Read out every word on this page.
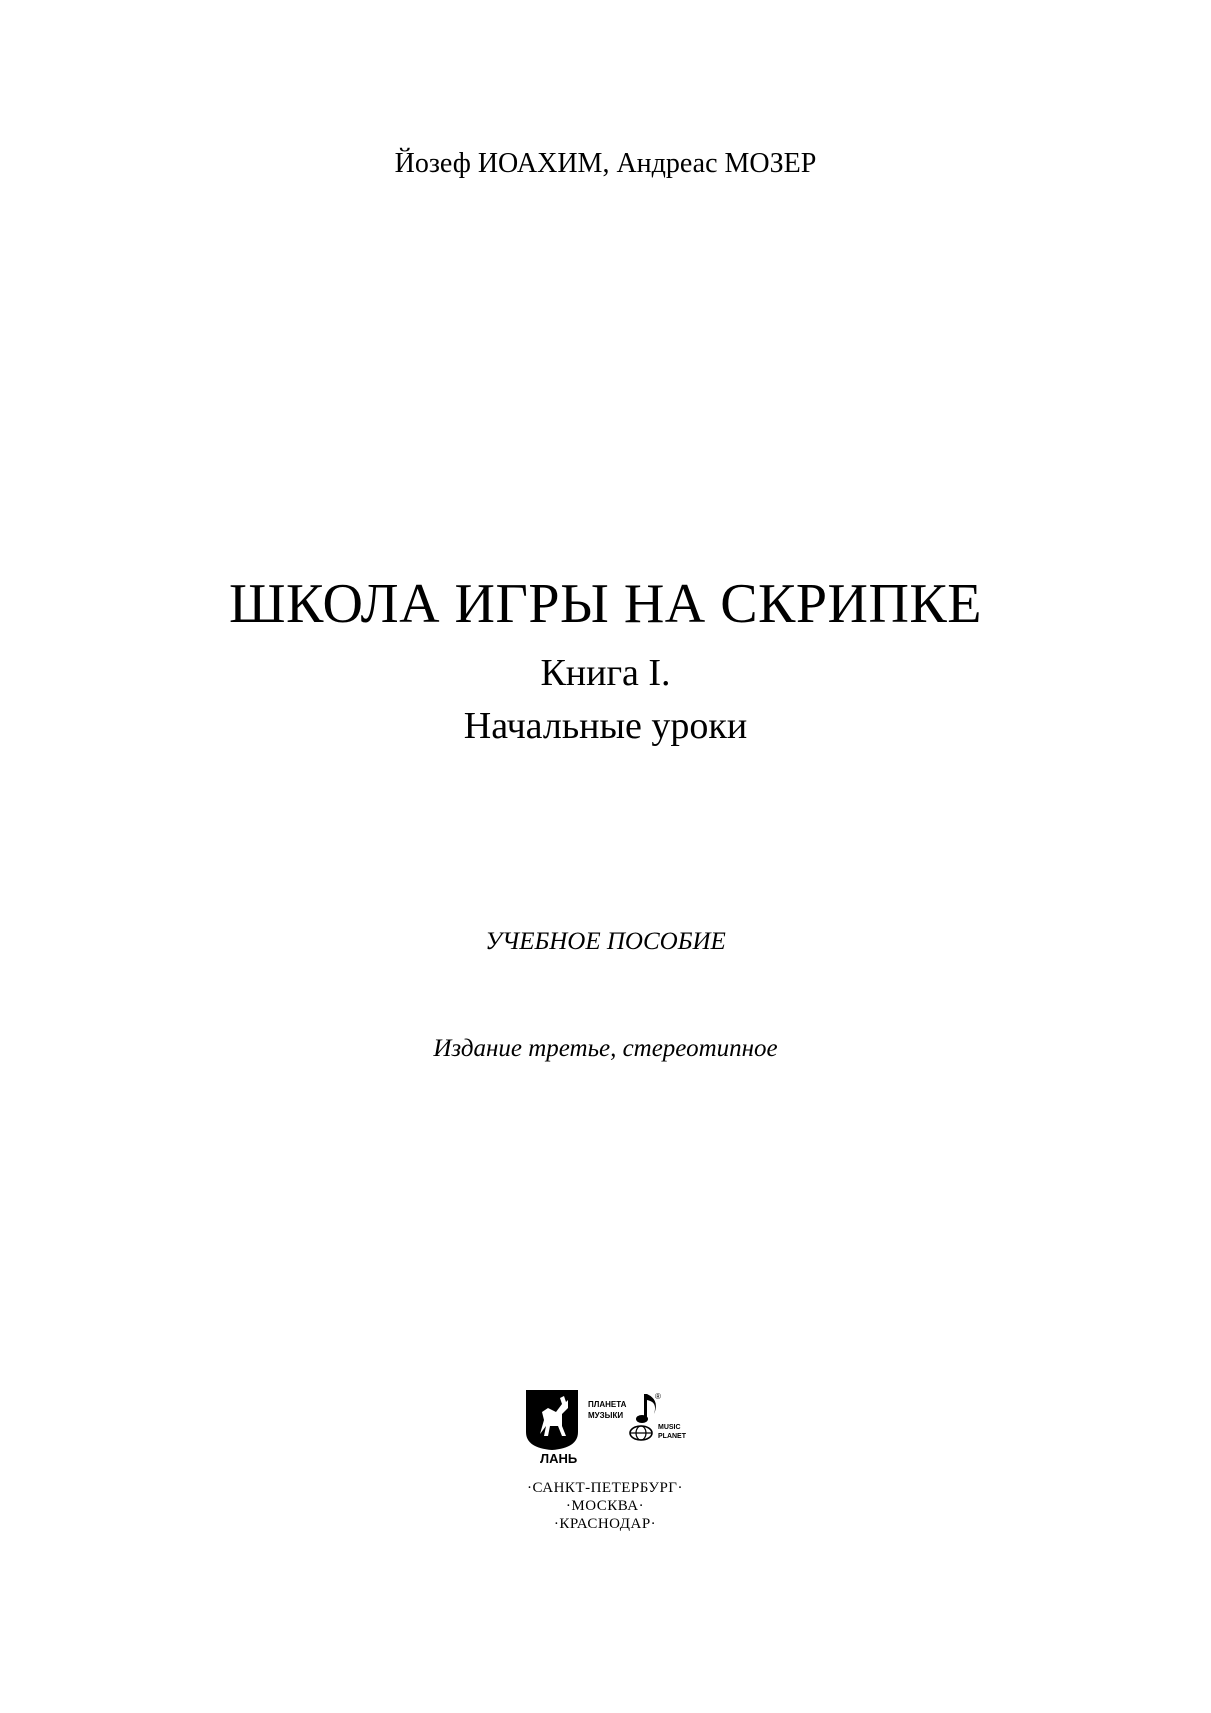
Йозеф ИОАХИМ, Андреас МОЗЕР
ШКОЛА ИГРЫ НА СКРИПКЕ
Книга I.
Начальные уроки
УЧЕБНОЕ ПОСОБИЕ
Издание третье, стереотипное
ЛАНЬ
®
ПЛАНЕТА
МУЗЫКИ
MUSIC
PLANET
·САНКТ-ПЕТЕРБУРГ·
·МОСКВА·
·КРАСНОДАР·
